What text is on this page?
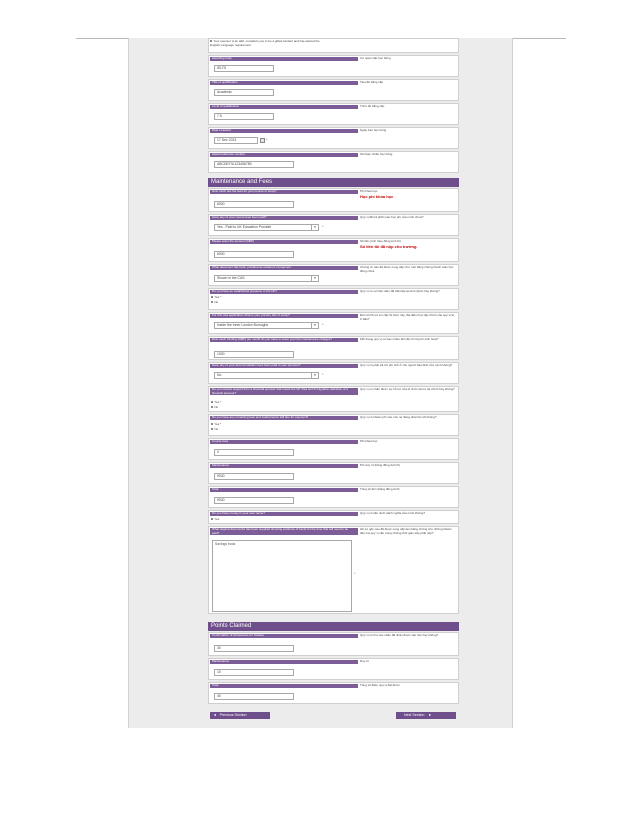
Your sponsor is an HEI, considers you to be a gifted student and has waived the
English Language requirement
Awarding body	Cơ quan cấp học bổng
IELTS
Title of qualification	Tiêu đề bằng cấp
Academic
Level of qualification	Trình độ bằng cấp
7.5
Date of award	Ngày trao học bổng
17 Dec 2013	*
Award reference number	Số tham chiếu học bổng
ABCDEF3L123456789
Maintenance and Fees
How much are the fees for your course of study?	Phí khóa học
Học phí khóa học
6000
Have any of your course fees been paid?	Quý vị đã trả phần nào học phí của mình chưa?
Yes - Paid to UK Education Provider	▼	*
Please enter the amount (GBP)	Số tiền (tính theo đồng Anh Ki)
Số tiền tôi đã nộp cho trường.
6000
What document has been provided as evidence of payment	Chứng từ nào đã được cung cấp như một bằng chứng thanh toán học đóng chưa
Shown in the CAS	▼
Do you have an established presence in the UK?	Quý vị có sự hiện diện đã thiết lập tại Anh Quốc hay không?
Yes *
No
For this visa application what is your primary site of study?	Đối với hồ sơ xin cấp thị thực này, địa điểm học tập chính của quý vị là ở đâu?
Inside the Inner London Boroughs	▼	*
How much funding (GBP) per month do you have to cover your the maintenance charges?	Mỗi tháng quý vị có bao nhiêu tiền để chi trả phí sinh hoạt?
1000
Have any of your accommodation fees been paid to your sponsor?	Quý vị có phải trả chi phí chỗ ở cho người bảo lãnh của mình không?
No	▼	*
Do you receive support from a financial sponsor that meets the UK Visa and Immigration definition of a financial sponsor?
Quý vị có nhận được sự hỗ trợ của tổ chức tài trợ tài chính hay không?
Yes *
No
Do you have any remaining fees and maintenance still due for payment?	Quý vị có khoản phí nào còn nợ đang phải trả nốt không?
Yes *
No
Course fees	Phí khóa học
0
Maintenance	Phí duy trì (bằng đồng Anh Ki)
9000
Total	Tổng số tiền (bằng đồng Anh)
9000
Do you have money in your own name?	Quý vị có tiền dưới danh nghĩa của mình không?
Yes
What original documents has been supplied showing evidence of funds for the time that will need to be paid?
Hồ sơ gốc nào đã được cung cấp làm bằng chứng cho những khoản tiền mà quý vị cần trong những thời gian sắp phải nộp?
Savings book
*
Points Claimed
Confirmation of Acceptance for Studies	Quý vị có thư xác nhận đã nhận được vào học hay không?
30
Maintenance	Duy trì
10
Total	Tổng số điểm quý vị đạt được
40
◄ Previous Section	Next Section ►
